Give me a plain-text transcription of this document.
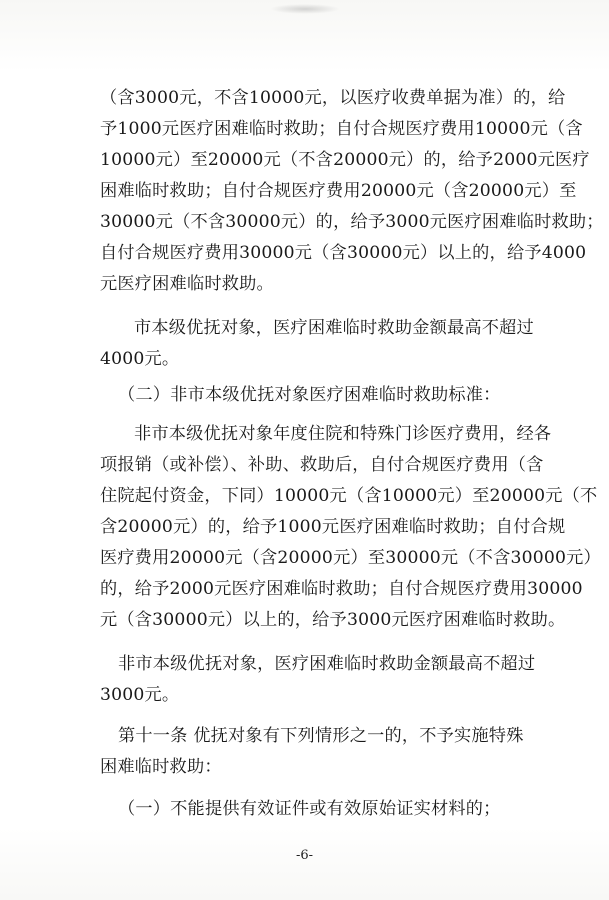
（含3000元，不含10000元，以医疗收费单据为准）的，给
予1000元医疗困难临时救助；自付合规医疗费用10000元（含
10000元）至20000元（不含20000元）的，给予2000元医疗
困难临时救助；自付合规医疗费用20000元（含20000元）至
30000元（不含30000元）的，给予3000元医疗困难临时救助；
自付合规医疗费用30000元（含30000元）以上的，给予4000
元医疗困难临时救助。
市本级优抚对象，医疗困难临时救助金额最高不超过
4000元。
（二）非市本级优抚对象医疗困难临时救助标准：
非市本级优抚对象年度住院和特殊门诊医疗费用，经各
项报销（或补偿）、补助、救助后，自付合规医疗费用（含
住院起付资金，下同）10000元（含10000元）至20000元（不
含20000元）的，给予1000元医疗困难临时救助；自付合规
医疗费用20000元（含20000元）至30000元（不含30000元）
的，给予2000元医疗困难临时救助；自付合规医疗费用30000
元（含30000元）以上的，给予3000元医疗困难临时救助。
非市本级优抚对象，医疗困难临时救助金额最高不超过
3000元。
第十一条 优抚对象有下列情形之一的，不予实施特殊
困难临时救助：
（一）不能提供有效证件或有效原始证实材料的；
-6-
